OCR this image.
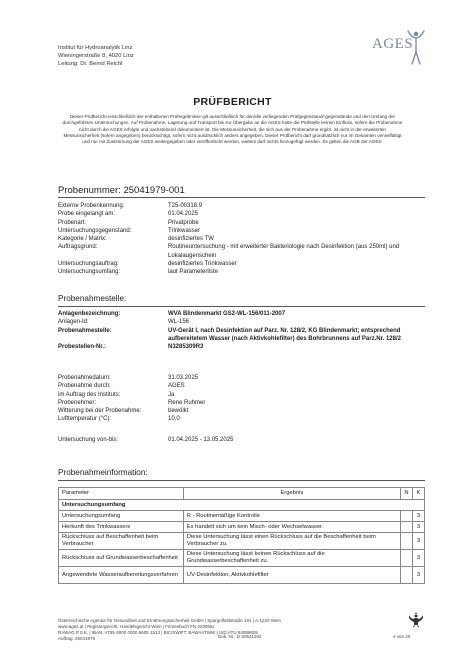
Institut für Hydroanalytik Linz
Wieningerstraße 8, 4020 Linz
Leitung: Dr. Bernd Reichl
AGES
PRÜFBERICHT
Dieser Prüfbericht einschließlich der enthaltenen Prüfergebnisse gilt ausschließlich für den/die vorliegenden Prüfgegenstand/-gegenstände und den Umfang der durchgeführten Untersuchungen. Auf Probenahme, Lagerung und Transport bis zur Übergabe an die AGES hatte die Prüfstelle keinen Einfluss, sofern die Probenahme nicht durch die AGES erfolgte und nachstehend dokumentiert ist. Die Messunsicherheit, die sich aus der Probenahme ergibt, ist nicht in der erweiterten Messunsicherheit (sofern angegeben) berücksichtigt, sofern nicht ausdrücklich anders angegeben. Dieser Prüfbericht darf grundsätzlich nur im Gesamten vervielfältigt und nur mit Zustimmung der AGES weitergegeben oder veröffentlicht werden, weiters darf nichts hinzugefügt werden. Es gelten die AGB der AGES.
Probenummer: 25041979-001
Externe Probenkennung:	T25-00318.9
Probe eingelangt am:	01.04.2025
Probenart:	Privatprobe
Untersuchungsgegenstand:	Trinkwasser
Kategorie / Matrix:	desinfiziertes TW
Auftragsgrund:	Routineuntersuchung - mit erweiterter Bakteriologie nach Desinfektion (aus 250ml) und Lokalaugenschein
Untersuchungsauftrag:	desinfiziertes Trinkwasser
Untersuchungsumfang:	laut Parameterliste
Probenahmestelle:
Anlagenbezeichnung:	WVA Blindenmarkt GS2-WL-156/011-2007
Anlagen-Id:	WL-156
Probenahmestelle:	UV-Gerät I, nach Desinfektion auf Parz. Nr. 128/2, KG Blindenmarkt; entsprechend aufbereitetem Wasser (nach Aktivkohlefilter) des Bohrbrunnens auf Parz.Nr. 128/2
Probestellen-Nr.:	N3285309R3
Probenahmedatum:	31.03.2025
Probenahme durch:	AGES
im Auftrag des Instituts:	Ja
Probenehmer:	Rene Ruhmer
Witterung bei der Probenahme:	bewölkt
Lufttemperatur (°C):	10,0
Untersuchung von-bis:	01.04.2025 - 13.05.2025
Probenahmeinformation:
Parameter	Ergebnis	N	K
Untersuchungsumfang			
Untersuchungsumfang	R - Routinemäßige Kontrolle		3
Herkunft des Trinkwassers	Es handelt sich um kein Misch- oder Wechselwasser.		3
Rückschluss auf Beschaffenheit beim Verbraucher	Diese Untersuchung lässt einen Rückschluss auf die Beschaffenheit beim Verbraucher zu.		3
Rückschluss auf Grundwasserbeschaffenheit	Diese Untersuchung lässt keinen Rückschluss auf die Grundwasserbeschaffenheit zu.		3
Angewendete Wasseraufbereitungsverfahren	UV-Desinfektion, Aktivkohlefilter		3
Österreichische Agentur für Gesundheit und Ernährungssicherheit GmbH | Spargelfeldstraße 191 | A-1220 Wien
www.ages.at | Registergericht: Handelsgericht Wien | Firmenbuch FN 223056z
RAWAG P.S.K. | IBAN: AT85 6000 0000 9605 1513 | BIC/SWIFT: BAWAATWW | UID:ATU 54088605
Auftrag: 25041979	Dok. Nr.: D-20541202	4 von 20
